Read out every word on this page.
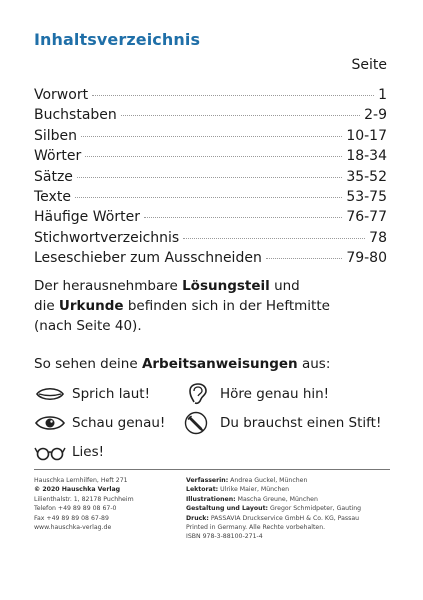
Inhaltsverzeichnis
Seite
Vorwort	1
Buchstaben	2-9
Silben	10-17
Wörter	18-34
Sätze	35-52
Texte	53-75
Häufige Wörter	76-77
Stichwortverzeichnis	78
Leseschieber zum Ausschneiden	79-80
Der herausnehmbare Lösungsteil und
die Urkunde befinden sich in der Heftmitte
(nach Seite 40).
So sehen deine Arbeitsanweisungen aus:
Sprich laut!	Höre genau hin!
Schau genau!	Du brauchst einen Stift!
Lies!
Hauschka Lernhilfen, Heft 271
© 2020 Hauschka Verlag
Lilienthalstr. 1, 82178 Puchheim
Telefon +49 89 89 08 67-0
Fax +49 89 89 08 67-89
www.hauschka-verlag.de
Verfasserin: Andrea Guckel, München
Lektorat: Ulrike Maier, München
Illustrationen: Mascha Greune, München
Gestaltung und Layout: Gregor Schmidpeter, Gauting
Druck: PASSAVIA Druckservice GmbH & Co. KG, Passau
Printed in Germany. Alle Rechte vorbehalten.
ISBN 978-3-88100-271-4
